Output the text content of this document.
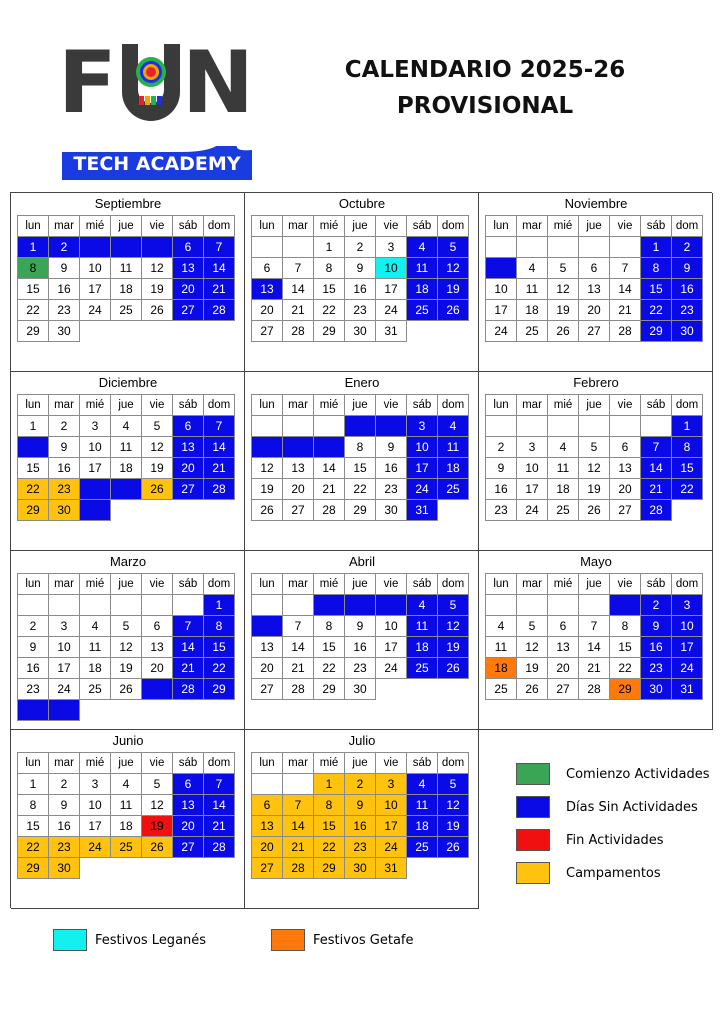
F N
TECH ACADEMY
CALENDARIO 2025-26
PROVISIONAL
Septiembre
lun	mar	mié	jue	vie	sáb	dom
1	2	3	4	5	6	7
8	9	10	11	12	13	14
15	16	17	18	19	20	21
22	23	24	25	26	27	28
29	30					
Octubre
lun	mar	mié	jue	vie	sáb	dom
		1	2	3	4	5
6	7	8	9	10	11	12
13	14	15	16	17	18	19
20	21	22	23	24	25	26
27	28	29	30	31		
Noviembre
lun	mar	mié	jue	vie	sáb	dom
					1	2
3	4	5	6	7	8	9
10	11	12	13	14	15	16
17	18	19	20	21	22	23
24	25	26	27	28	29	30
Diciembre
lun	mar	mié	jue	vie	sáb	dom
1	2	3	4	5	6	7
8	9	10	11	12	13	14
15	16	17	18	19	20	21
22	23	24	25	26	27	28
29	30	31				
Enero
lun	mar	mié	jue	vie	sáb	dom
			1	2	3	4
5	6	7	8	9	10	11
12	13	14	15	16	17	18
19	20	21	22	23	24	25
26	27	28	29	30	31	
Febrero
lun	mar	mié	jue	vie	sáb	dom
						1
2	3	4	5	6	7	8
9	10	11	12	13	14	15
16	17	18	19	20	21	22
23	24	25	26	27	28	
Marzo
lun	mar	mié	jue	vie	sáb	dom
						1
2	3	4	5	6	7	8
9	10	11	12	13	14	15
16	17	18	19	20	21	22
23	24	25	26	27	28	29
30	31					
Abril
lun	mar	mié	jue	vie	sáb	dom
		1	2	3	4	5
6	7	8	9	10	11	12
13	14	15	16	17	18	19
20	21	22	23	24	25	26
27	28	29	30			
Mayo
lun	mar	mié	jue	vie	sáb	dom
				1	2	3
4	5	6	7	8	9	10
11	12	13	14	15	16	17
18	19	20	21	22	23	24
25	26	27	28	29	30	31
Junio
lun	mar	mié	jue	vie	sáb	dom
1	2	3	4	5	6	7
8	9	10	11	12	13	14
15	16	17	18	19	20	21
22	23	24	25	26	27	28
29	30					
Julio
lun	mar	mié	jue	vie	sáb	dom
		1	2	3	4	5
6	7	8	9	10	11	12
13	14	15	16	17	18	19
20	21	22	23	24	25	26
27	28	29	30	31		
Comienzo Actividades
Días Sin Actividades
Fin Actividades
Campamentos
Festivos Leganés	Festivos Getafe
